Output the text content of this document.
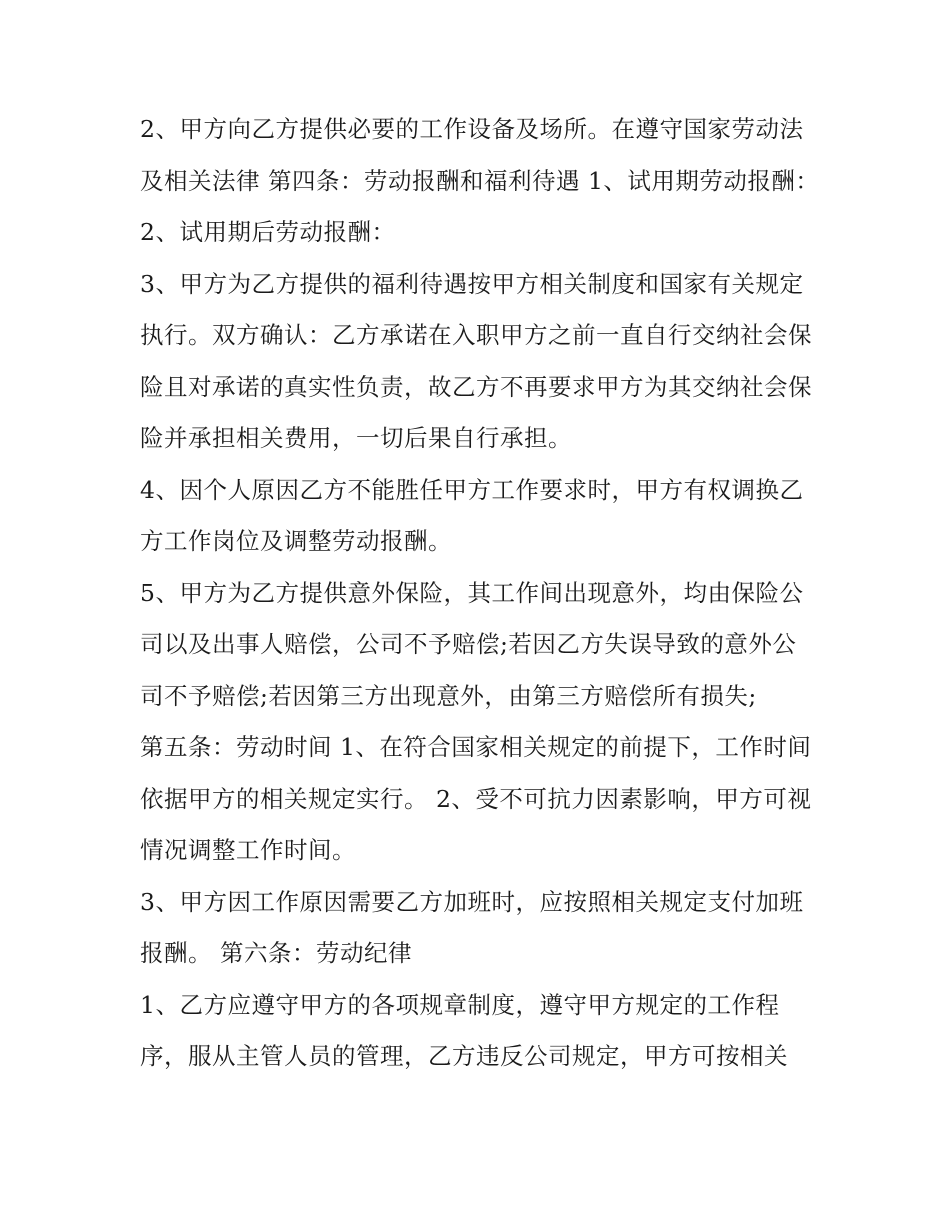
2、甲方向乙方提供必要的工作设备及场所。在遵守国家劳动法及相关法律 第四条：劳动报酬和福利待遇 1、试用期劳动报酬： 2、试用期后劳动报酬：

3、甲方为乙方提供的福利待遇按甲方相关制度和国家有关规定执行。双方确认：乙方承诺在入职甲方之前一直自行交纳社会保险且对承诺的真实性负责，故乙方不再要求甲方为其交纳社会保险并承担相关费用，一切后果自行承担。

4、因个人原因乙方不能胜任甲方工作要求时，甲方有权调换乙方工作岗位及调整劳动报酬。

5、甲方为乙方提供意外保险，其工作间出现意外，均由保险公司以及出事人赔偿，公司不予赔偿;若因乙方失误导致的意外公司不予赔偿;若因第三方出现意外，由第三方赔偿所有损失;

第五条：劳动时间 1、在符合国家相关规定的前提下，工作时间依据甲方的相关规定实行。 2、受不可抗力因素影响，甲方可视情况调整工作时间。

3、甲方因工作原因需要乙方加班时，应按照相关规定支付加班报酬。 第六条：劳动纪律

1、乙方应遵守甲方的各项规章制度，遵守甲方规定的工作程序，服从主管人员的管理，乙方违反公司规定，甲方可按相关
